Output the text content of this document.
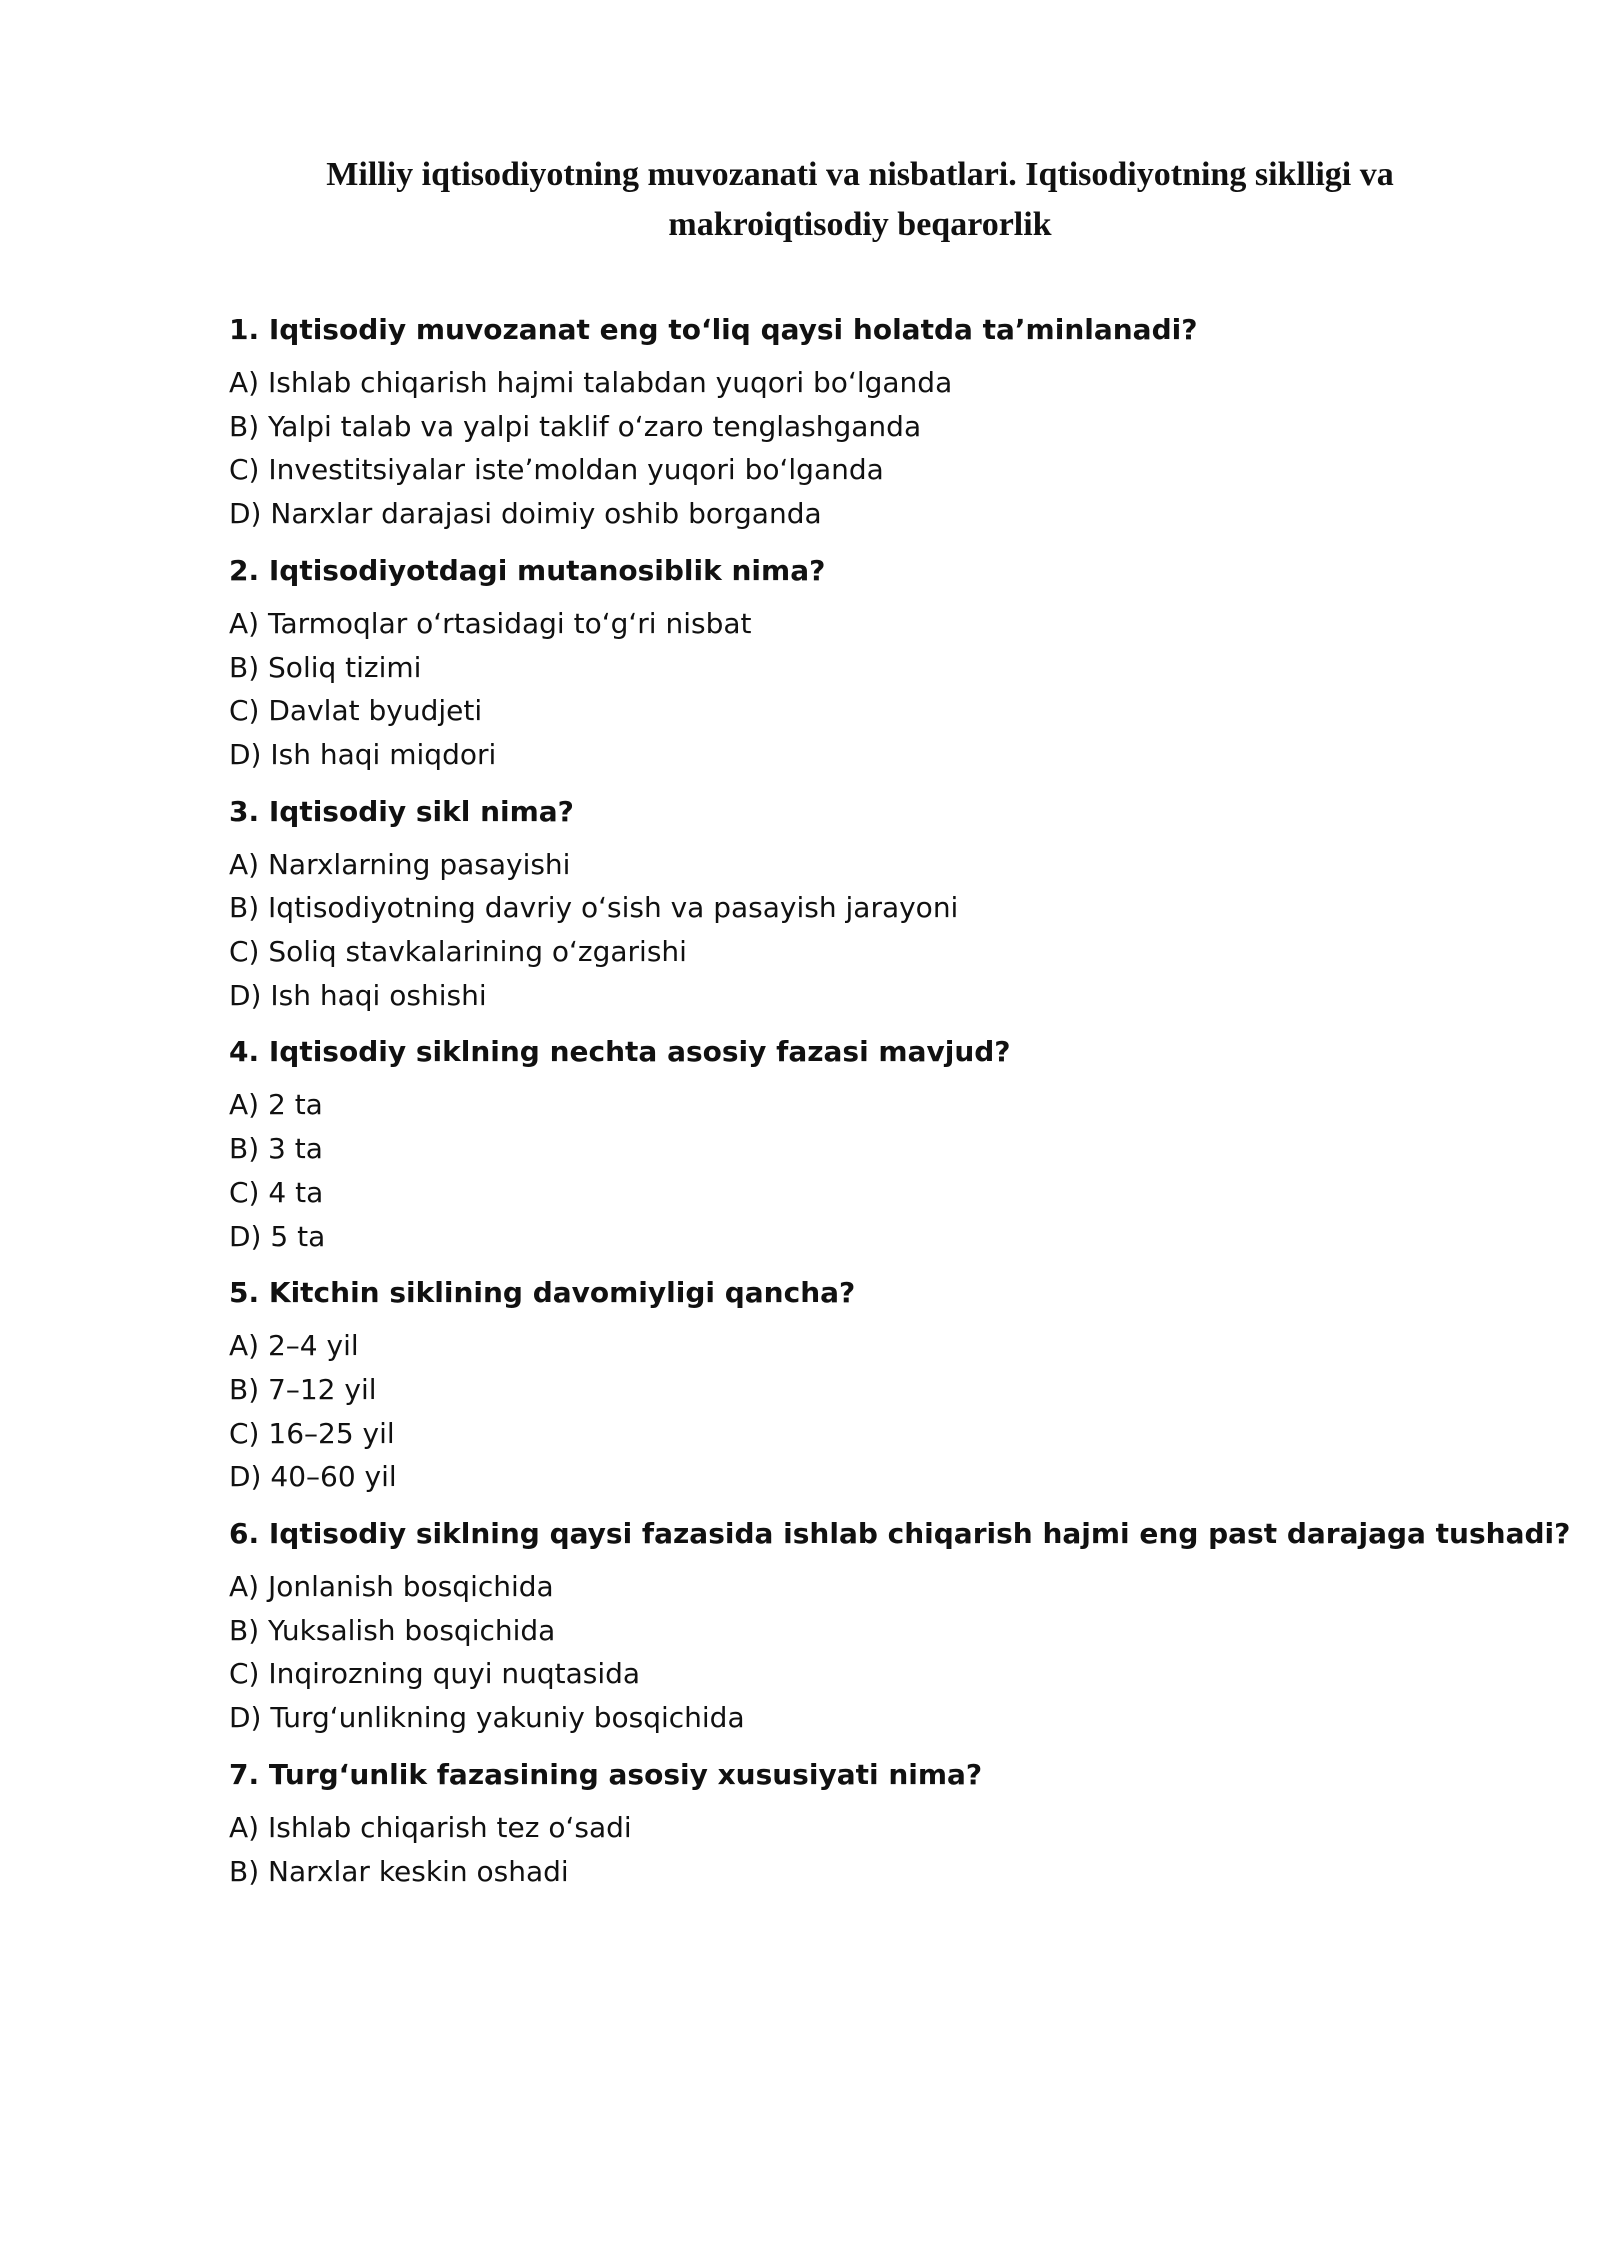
Milliy iqtisodiyotning muvozanati va nisbatlari. Iqtisodiyotning siklligi va makroiqtisodiy beqarorlik
1. Iqtisodiy muvozanat eng toʻliq qaysi holatda taʼminlanadi?
A) Ishlab chiqarish hajmi talabdan yuqori boʻlganda
B) Yalpi talab va yalpi taklif oʻzaro tenglashganda
C) Investitsiyalar isteʼmoldan yuqori boʻlganda
D) Narxlar darajasi doimiy oshib borganda
2. Iqtisodiyotdagi mutanosiblik nima?
A) Tarmoqlar oʻrtasidagi toʻgʻri nisbat
B) Soliq tizimi
C) Davlat byudjeti
D) Ish haqi miqdori
3. Iqtisodiy sikl nima?
A) Narxlarning pasayishi
B) Iqtisodiyotning davriy oʻsish va pasayish jarayoni
C) Soliq stavkalarining oʻzgarishi
D) Ish haqi oshishi
4. Iqtisodiy siklning nechta asosiy fazasi mavjud?
A) 2 ta
B) 3 ta
C) 4 ta
D) 5 ta
5. Kitchin siklining davomiyligi qancha?
A) 2–4 yil
B) 7–12 yil
C) 16–25 yil
D) 40–60 yil
6. Iqtisodiy siklning qaysi fazasida ishlab chiqarish hajmi eng past darajaga tushadi?
A) Jonlanish bosqichida
B) Yuksalish bosqichida
C) Inqirozning quyi nuqtasida
D) Turgʻunlikning yakuniy bosqichida
7. Turgʻunlik fazasining asosiy xususiyati nima?
A) Ishlab chiqarish tez oʻsadi
B) Narxlar keskin oshadi
